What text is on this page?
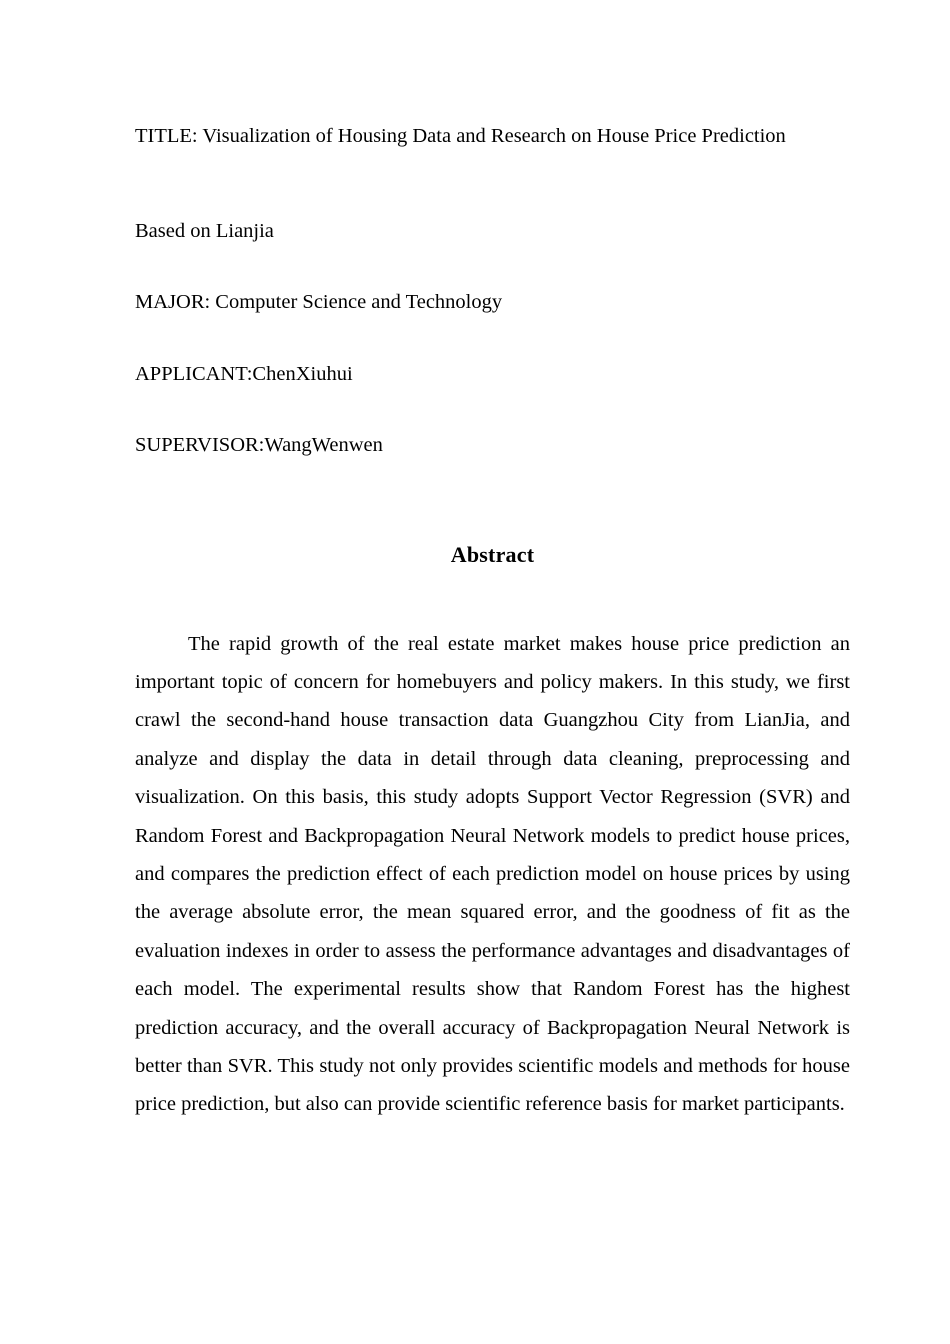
TITLE: Visualization of Housing Data and Research on House Price Prediction
Based on Lianjia
MAJOR: Computer Science and Technology
APPLICANT:ChenXiuhui
SUPERVISOR:WangWenwen
Abstract
The rapid growth of the real estate market makes house price prediction an important topic of concern for homebuyers and policy makers. In this study, we first crawl the second-hand house transaction data Guangzhou City from LianJia, and analyze and display the data in detail through data cleaning, preprocessing and visualization. On this basis, this study adopts Support Vector Regression (SVR) and Random Forest and Backpropagation Neural Network models to predict house prices, and compares the prediction effect of each prediction model on house prices by using the average absolute error, the mean squared error, and the goodness of fit as the evaluation indexes in order to assess the performance advantages and disadvantages of each model. The experimental results show that Random Forest has the highest prediction accuracy, and the overall accuracy of Backpropagation Neural Network is better than SVR. This study not only provides scientific models and methods for house price prediction, but also can provide scientific reference basis for market participants.
